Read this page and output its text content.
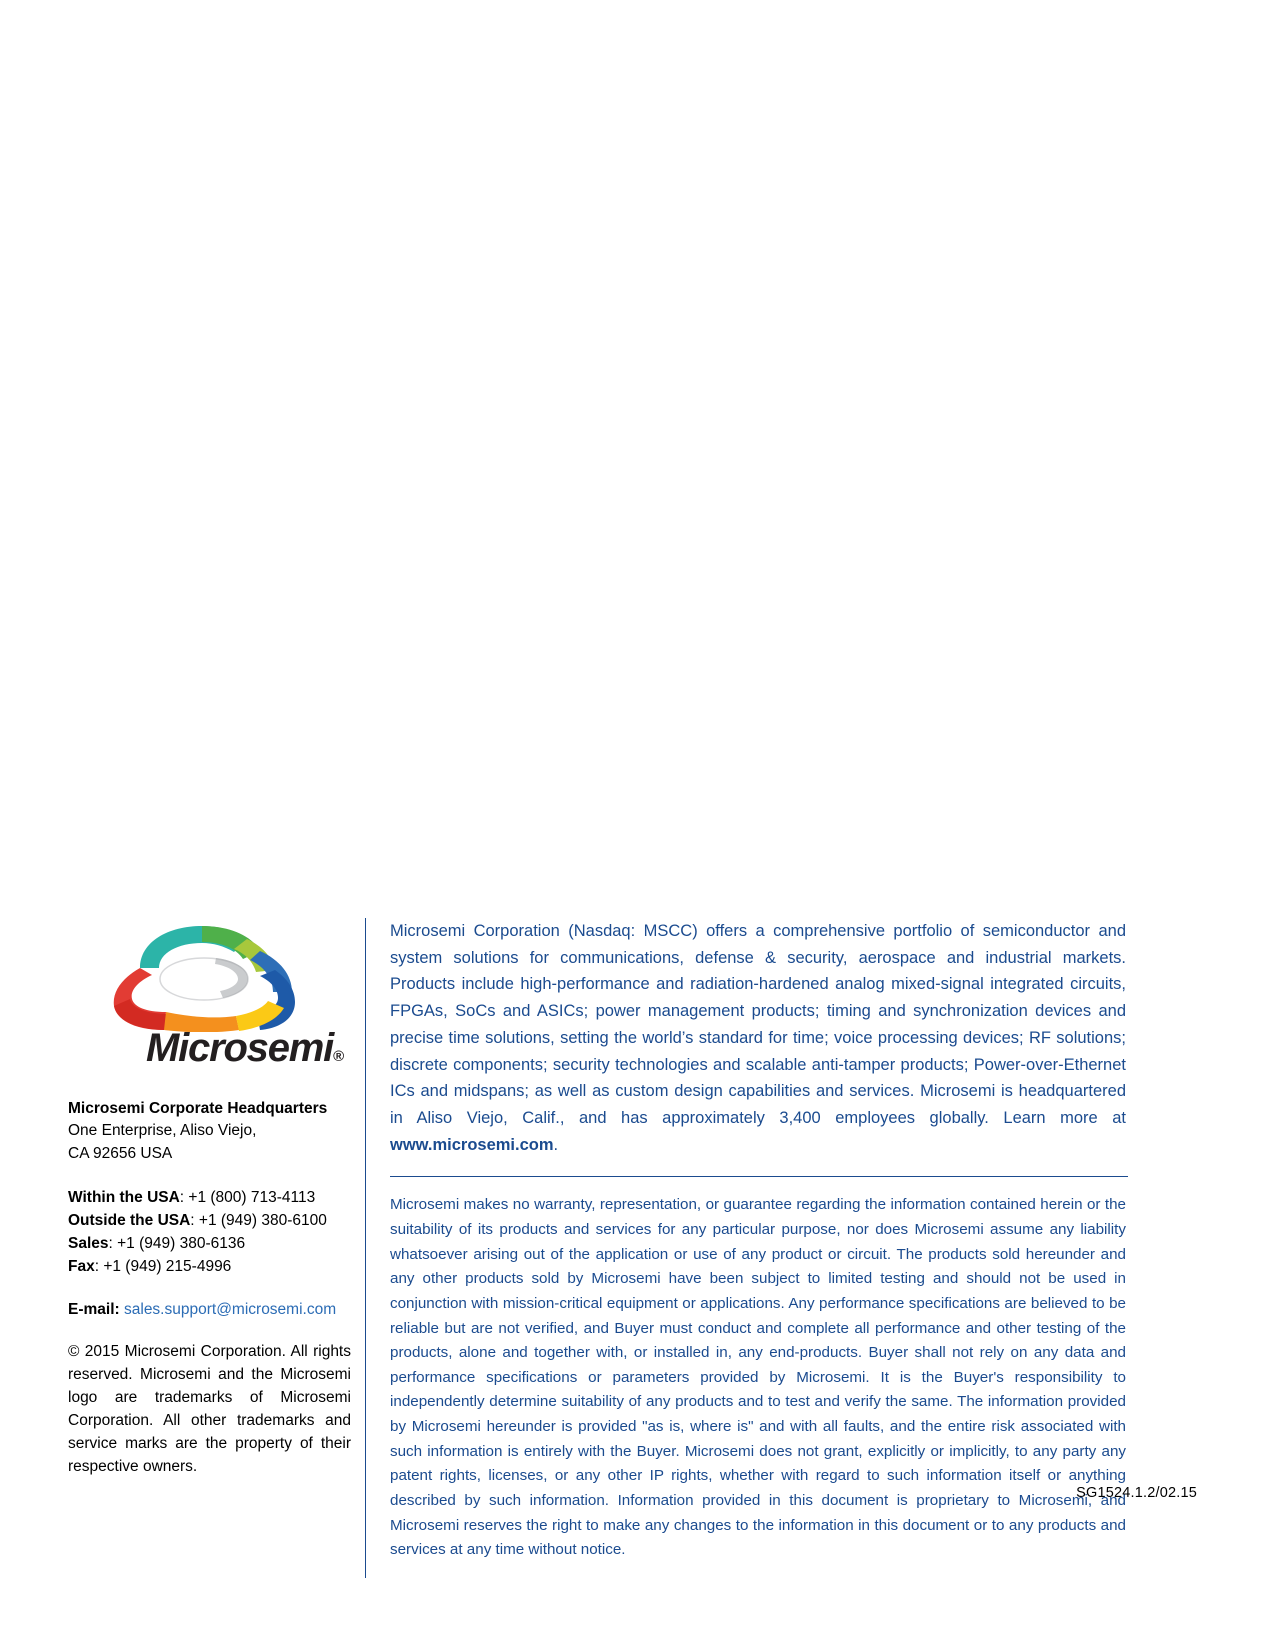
Microsemi®
Microsemi Corporate Headquarters
One Enterprise, Aliso Viejo,
CA 92656 USA
Within the USA: +1 (800) 713-4113
Outside the USA: +1 (949) 380-6100
Sales: +1 (949) 380-6136
Fax: +1 (949) 215-4996
E-mail: sales.support@microsemi.com
© 2015 Microsemi Corporation. All rights reserved. Microsemi and the Microsemi logo are trademarks of Microsemi Corporation. All other trademarks and service marks are the property of their respective owners.

Microsemi Corporation (Nasdaq: MSCC) offers a comprehensive portfolio of semiconductor and system solutions for communications, defense & security, aerospace and industrial markets. Products include high-performance and radiation-hardened analog mixed-signal integrated circuits, FPGAs, SoCs and ASICs; power management products; timing and synchronization devices and precise time solutions, setting the world’s standard for time; voice processing devices; RF solutions; discrete components; security technologies and scalable anti-tamper products; Power-over-Ethernet ICs and midspans; as well as custom design capabilities and services. Microsemi is headquartered in Aliso Viejo, Calif., and has approximately 3,400 employees globally. Learn more at www.microsemi.com.

Microsemi makes no warranty, representation, or guarantee regarding the information contained herein or the suitability of its products and services for any particular purpose, nor does Microsemi assume any liability whatsoever arising out of the application or use of any product or circuit. The products sold hereunder and any other products sold by Microsemi have been subject to limited testing and should not be used in conjunction with mission-critical equipment or applications. Any performance specifications are believed to be reliable but are not verified, and Buyer must conduct and complete all performance and other testing of the products, alone and together with, or installed in, any end-products. Buyer shall not rely on any data and performance specifications or parameters provided by Microsemi. It is the Buyer's responsibility to independently determine suitability of any products and to test and verify the same. The information provided by Microsemi hereunder is provided "as is, where is" and with all faults, and the entire risk associated with such information is entirely with the Buyer. Microsemi does not grant, explicitly or implicitly, to any party any patent rights, licenses, or any other IP rights, whether with regard to such information itself or anything described by such information. Information provided in this document is proprietary to Microsemi, and Microsemi reserves the right to make any changes to the information in this document or to any products and services at any time without notice.

SG1524.1.2/02.15
